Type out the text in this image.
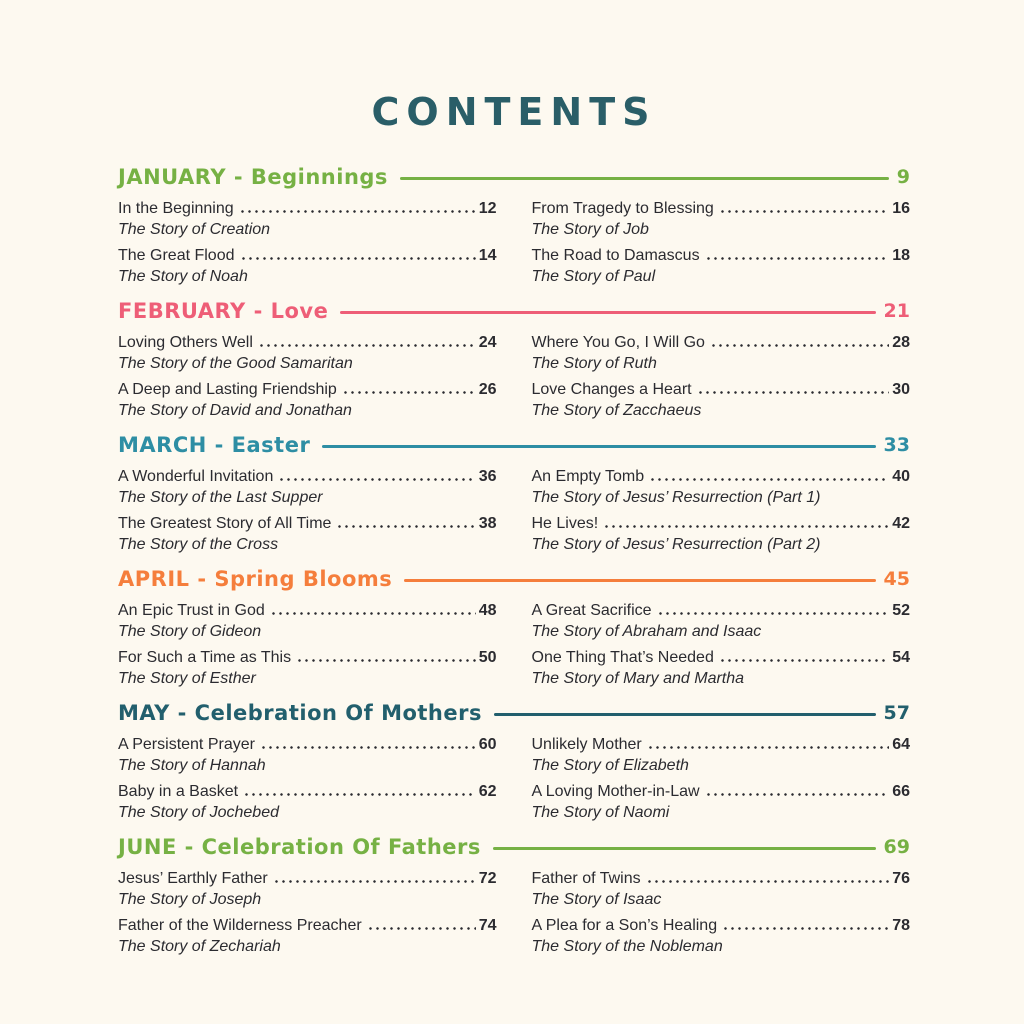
CONTENTS
JANUARY - Beginnings	9
In the Beginning	12
The Story of Creation
The Great Flood	14
The Story of Noah
From Tragedy to Blessing	16
The Story of Job
The Road to Damascus	18
The Story of Paul
FEBRUARY - Love	21
Loving Others Well	24
The Story of the Good Samaritan
A Deep and Lasting Friendship	26
The Story of David and Jonathan
Where You Go, I Will Go	28
The Story of Ruth
Love Changes a Heart	30
The Story of Zacchaeus
MARCH - Easter	33
A Wonderful Invitation	36
The Story of the Last Supper
The Greatest Story of All Time	38
The Story of the Cross
An Empty Tomb	40
The Story of Jesus’ Resurrection (Part 1)
He Lives!	42
The Story of Jesus’ Resurrection (Part 2)
APRIL - Spring Blooms	45
An Epic Trust in God	48
The Story of Gideon
For Such a Time as This	50
The Story of Esther
A Great Sacrifice	52
The Story of Abraham and Isaac
One Thing That’s Needed	54
The Story of Mary and Martha
MAY - Celebration Of Mothers	57
A Persistent Prayer	60
The Story of Hannah
Baby in a Basket	62
The Story of Jochebed
Unlikely Mother	64
The Story of Elizabeth
A Loving Mother-in-Law	66
The Story of Naomi
JUNE - Celebration Of Fathers	69
Jesus’ Earthly Father	72
The Story of Joseph
Father of the Wilderness Preacher	74
The Story of Zechariah
Father of Twins	76
The Story of Isaac
A Plea for a Son’s Healing	78
The Story of the Nobleman
